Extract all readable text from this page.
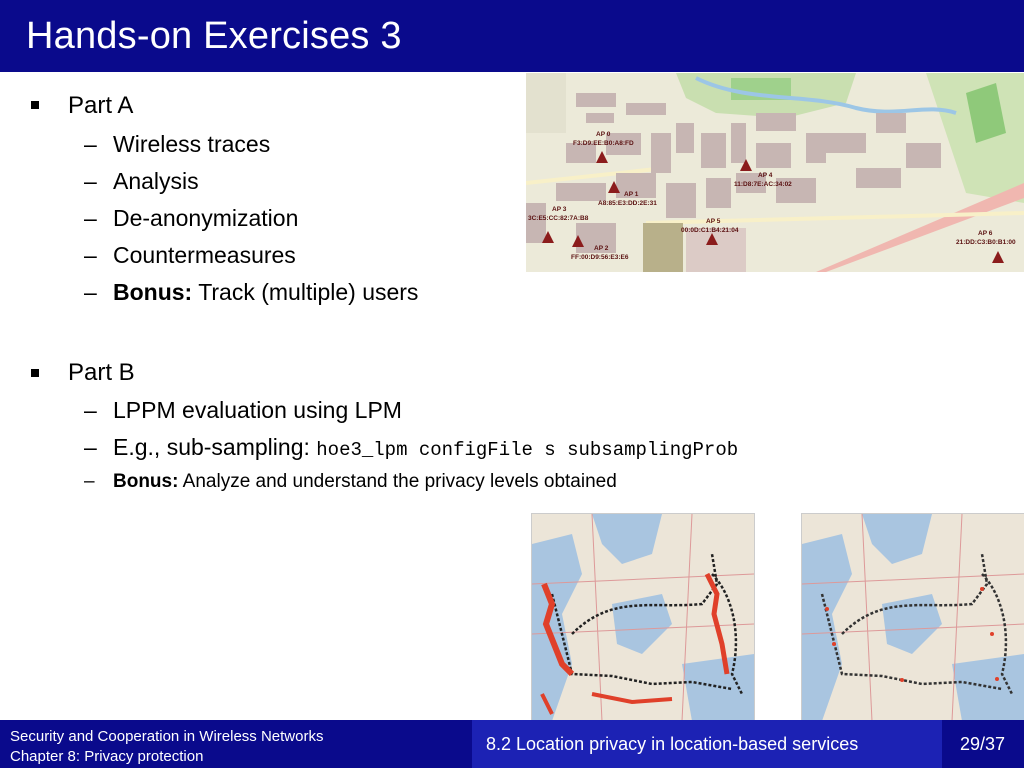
Hands-on Exercises 3
Part A
– Wireless traces
– Analysis
– De-anonymization
– Countermeasures
– Bonus: Track (multiple) users
Part B
– LPPM evaluation using LPM
– E.g., sub-sampling: hoe3_lpm configFile s subsamplingProb
– Bonus: Analyze and understand the privacy levels obtained
AP 0
F3:D9:EE:B0:A8:FD
AP 1
A8:85:E3:DD:2E:31
AP 2
FF:00:D9:56:E3:E6
AP 3
3C:E5:CC:82:7A:B8
AP 4
11:D8:7E:AC:34:02
AP 5
00:0D:C1:B4:21:04	AP 6
21:DD:C3:B0:B1:00
Security and Cooperation in Wireless Networks
Chapter 8: Privacy protection
8.2 Location privacy in location-based services	29/37
